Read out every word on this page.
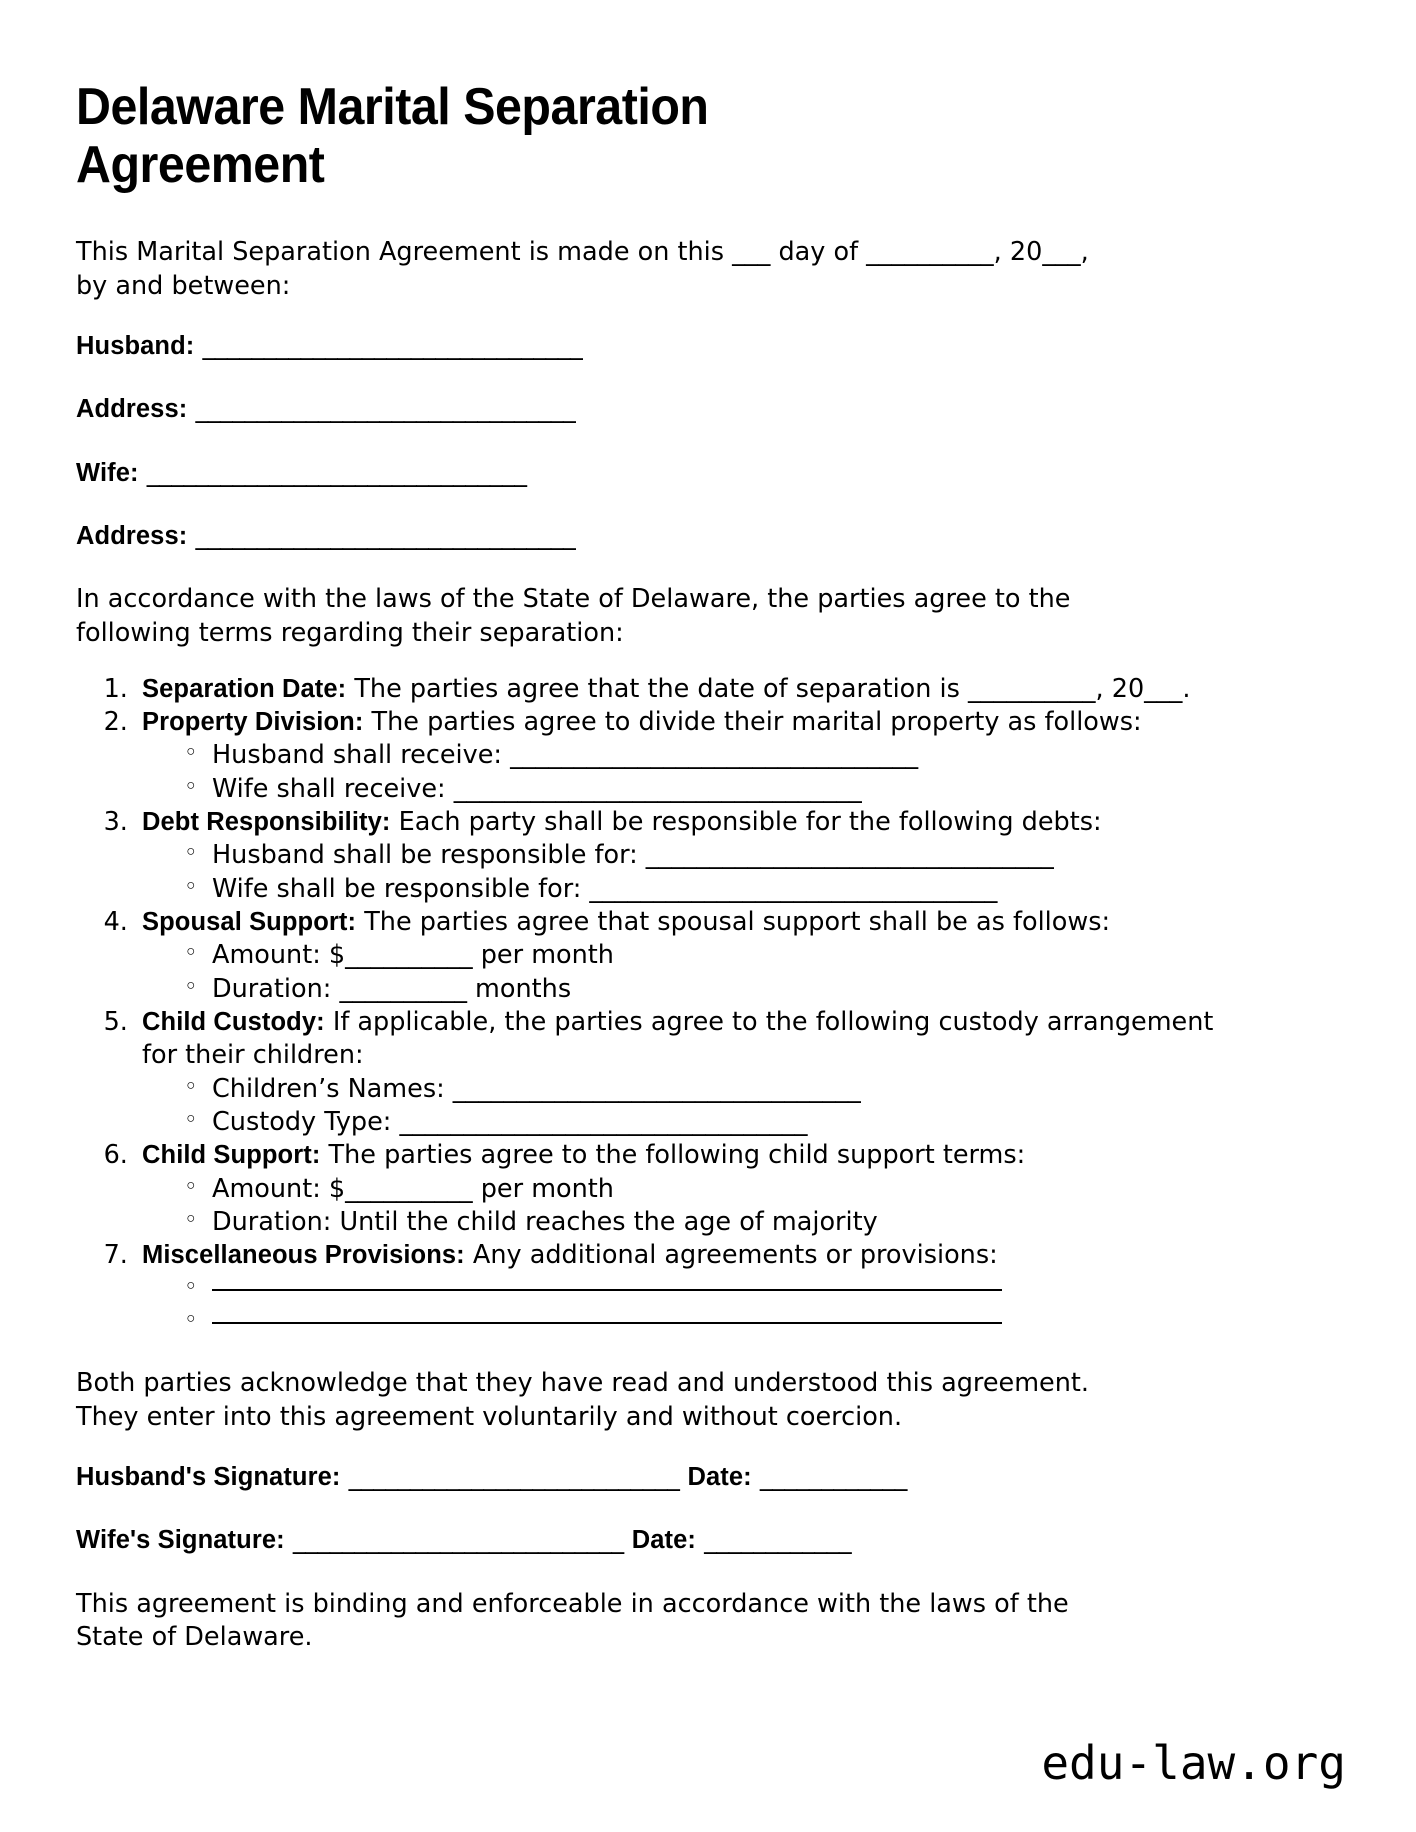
Delaware Marital Separation Agreement

This Marital Separation Agreement is made on this ___ day of __________, 20___, by and between:

Husband: _______________________________
Address: _______________________________
Wife: _______________________________
Address: _______________________________

In accordance with the laws of the State of Delaware, the parties agree to the following terms regarding their separation:

1. Separation Date: The parties agree that the date of separation is __________, 20___.
2. Property Division: The parties agree to divide their marital property as follows:
◦ Husband shall receive: ________________________________
◦ Wife shall receive: ________________________________
3. Debt Responsibility: Each party shall be responsible for the following debts:
◦ Husband shall be responsible for: ________________________________
◦ Wife shall be responsible for: ________________________________
4. Spousal Support: The parties agree that spousal support shall be as follows:
◦ Amount: $__________ per month
◦ Duration: __________ months
5. Child Custody: If applicable, the parties agree to the following custody arrangement for their children:
◦ Children’s Names: ________________________________
◦ Custody Type: ________________________________
6. Child Support: The parties agree to the following child support terms:
◦ Amount: $__________ per month
◦ Duration: Until the child reaches the age of majority
7. Miscellaneous Provisions: Any additional agreements or provisions:
◦
◦

Both parties acknowledge that they have read and understood this agreement. They enter into this agreement voluntarily and without coercion.

Husband's Signature: ___________________________ Date: ____________
Wife's Signature: ___________________________ Date: ____________

This agreement is binding and enforceable in accordance with the laws of the State of Delaware.

edu-law.org
